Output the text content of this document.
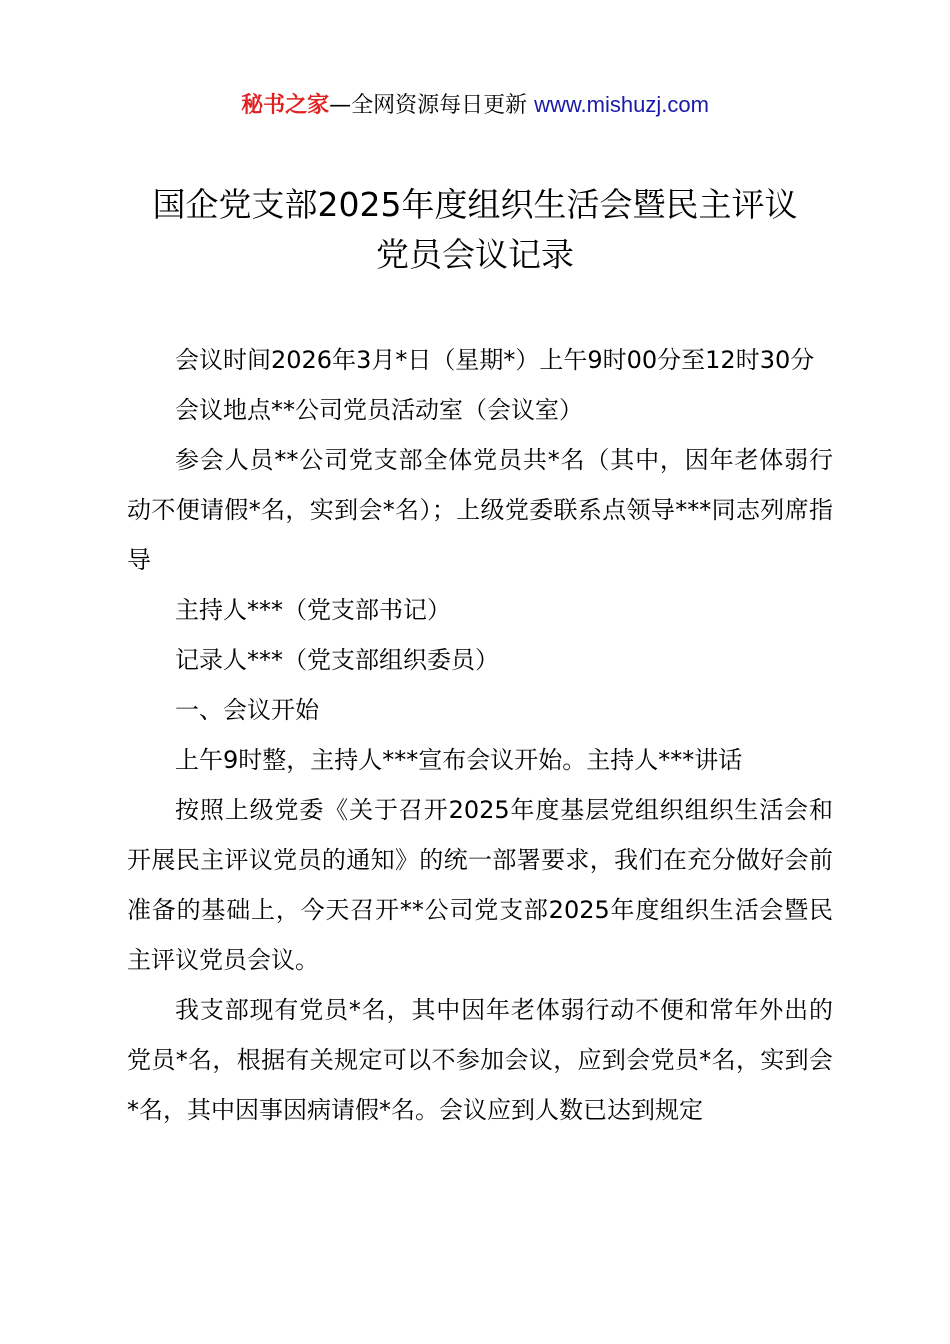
秘书之家—全网资源每日更新 www.mishuzj.com
国企党支部2025年度组织生活会暨民主评议
党员会议记录

会议时间2026年3月*日（星期*）上午9时00分至12时30分

会议地点**公司党员活动室（会议室）

参会人员**公司党支部全体党员共*名（其中，因年老体弱行动不便请假*名，实到会*名）；上级党委联系点领导***同志列席指导

主持人***（党支部书记）

记录人***（党支部组织委员）

一、会议开始

上午9时整，主持人***宣布会议开始。主持人***讲话

按照上级党委《关于召开2025年度基层党组织组织生活会和开展民主评议党员的通知》的统一部署要求，我们在充分做好会前准备的基础上，今天召开**公司党支部2025年度组织生活会暨民主评议党员会议。

我支部现有党员*名，其中因年老体弱行动不便和常年外出的党员*名，根据有关规定可以不参加会议，应到会党员*名，实到会*名，其中因事因病请假*名。会议应到人数已达到规定
